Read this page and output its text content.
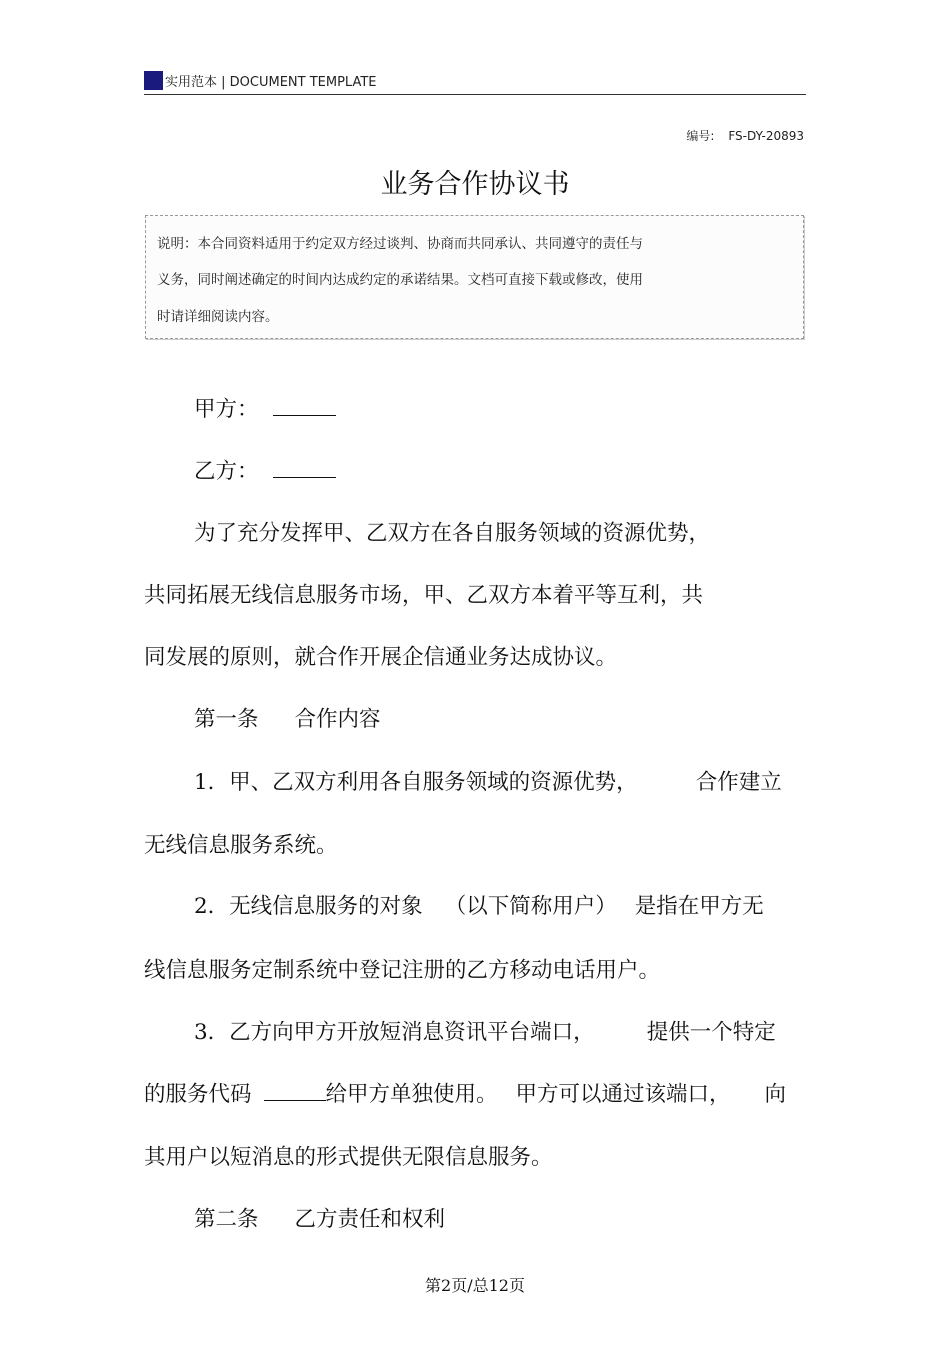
实用范本 | DOCUMENT TEMPLATE
编号: FS-DY-20893
业务合作协议书

说明：本合同资料适用于约定双方经过谈判、协商而共同承认、共同遵守的责任与

义务，同时阐述确定的时间内达成约定的承诺结果。文档可直接下载或修改，使用

时请详细阅读内容。

甲方：
乙方：
为了充分发挥甲、乙双方在各自服务领域的资源优势，
共同拓展无线信息服务市场，甲、乙双方本着平等互利，共
同发展的原则，就合作开展企信通业务达成协议。
第一条 合作内容
1．甲、乙双方利用各自服务领域的资源优势，	合作建立
无线信息服务系统。
2．无线信息服务的对象 （以下简称用户） 是指在甲方无
线信息服务定制系统中登记注册的乙方移动电话用户。
3．乙方向甲方开放短消息资讯平台端口， 提供一个特定
的服务代码	给甲方单独使用。 甲方可以通过该端口， 向
其用户以短消息的形式提供无限信息服务。
第二条 乙方责任和权利
第2页/总12页
